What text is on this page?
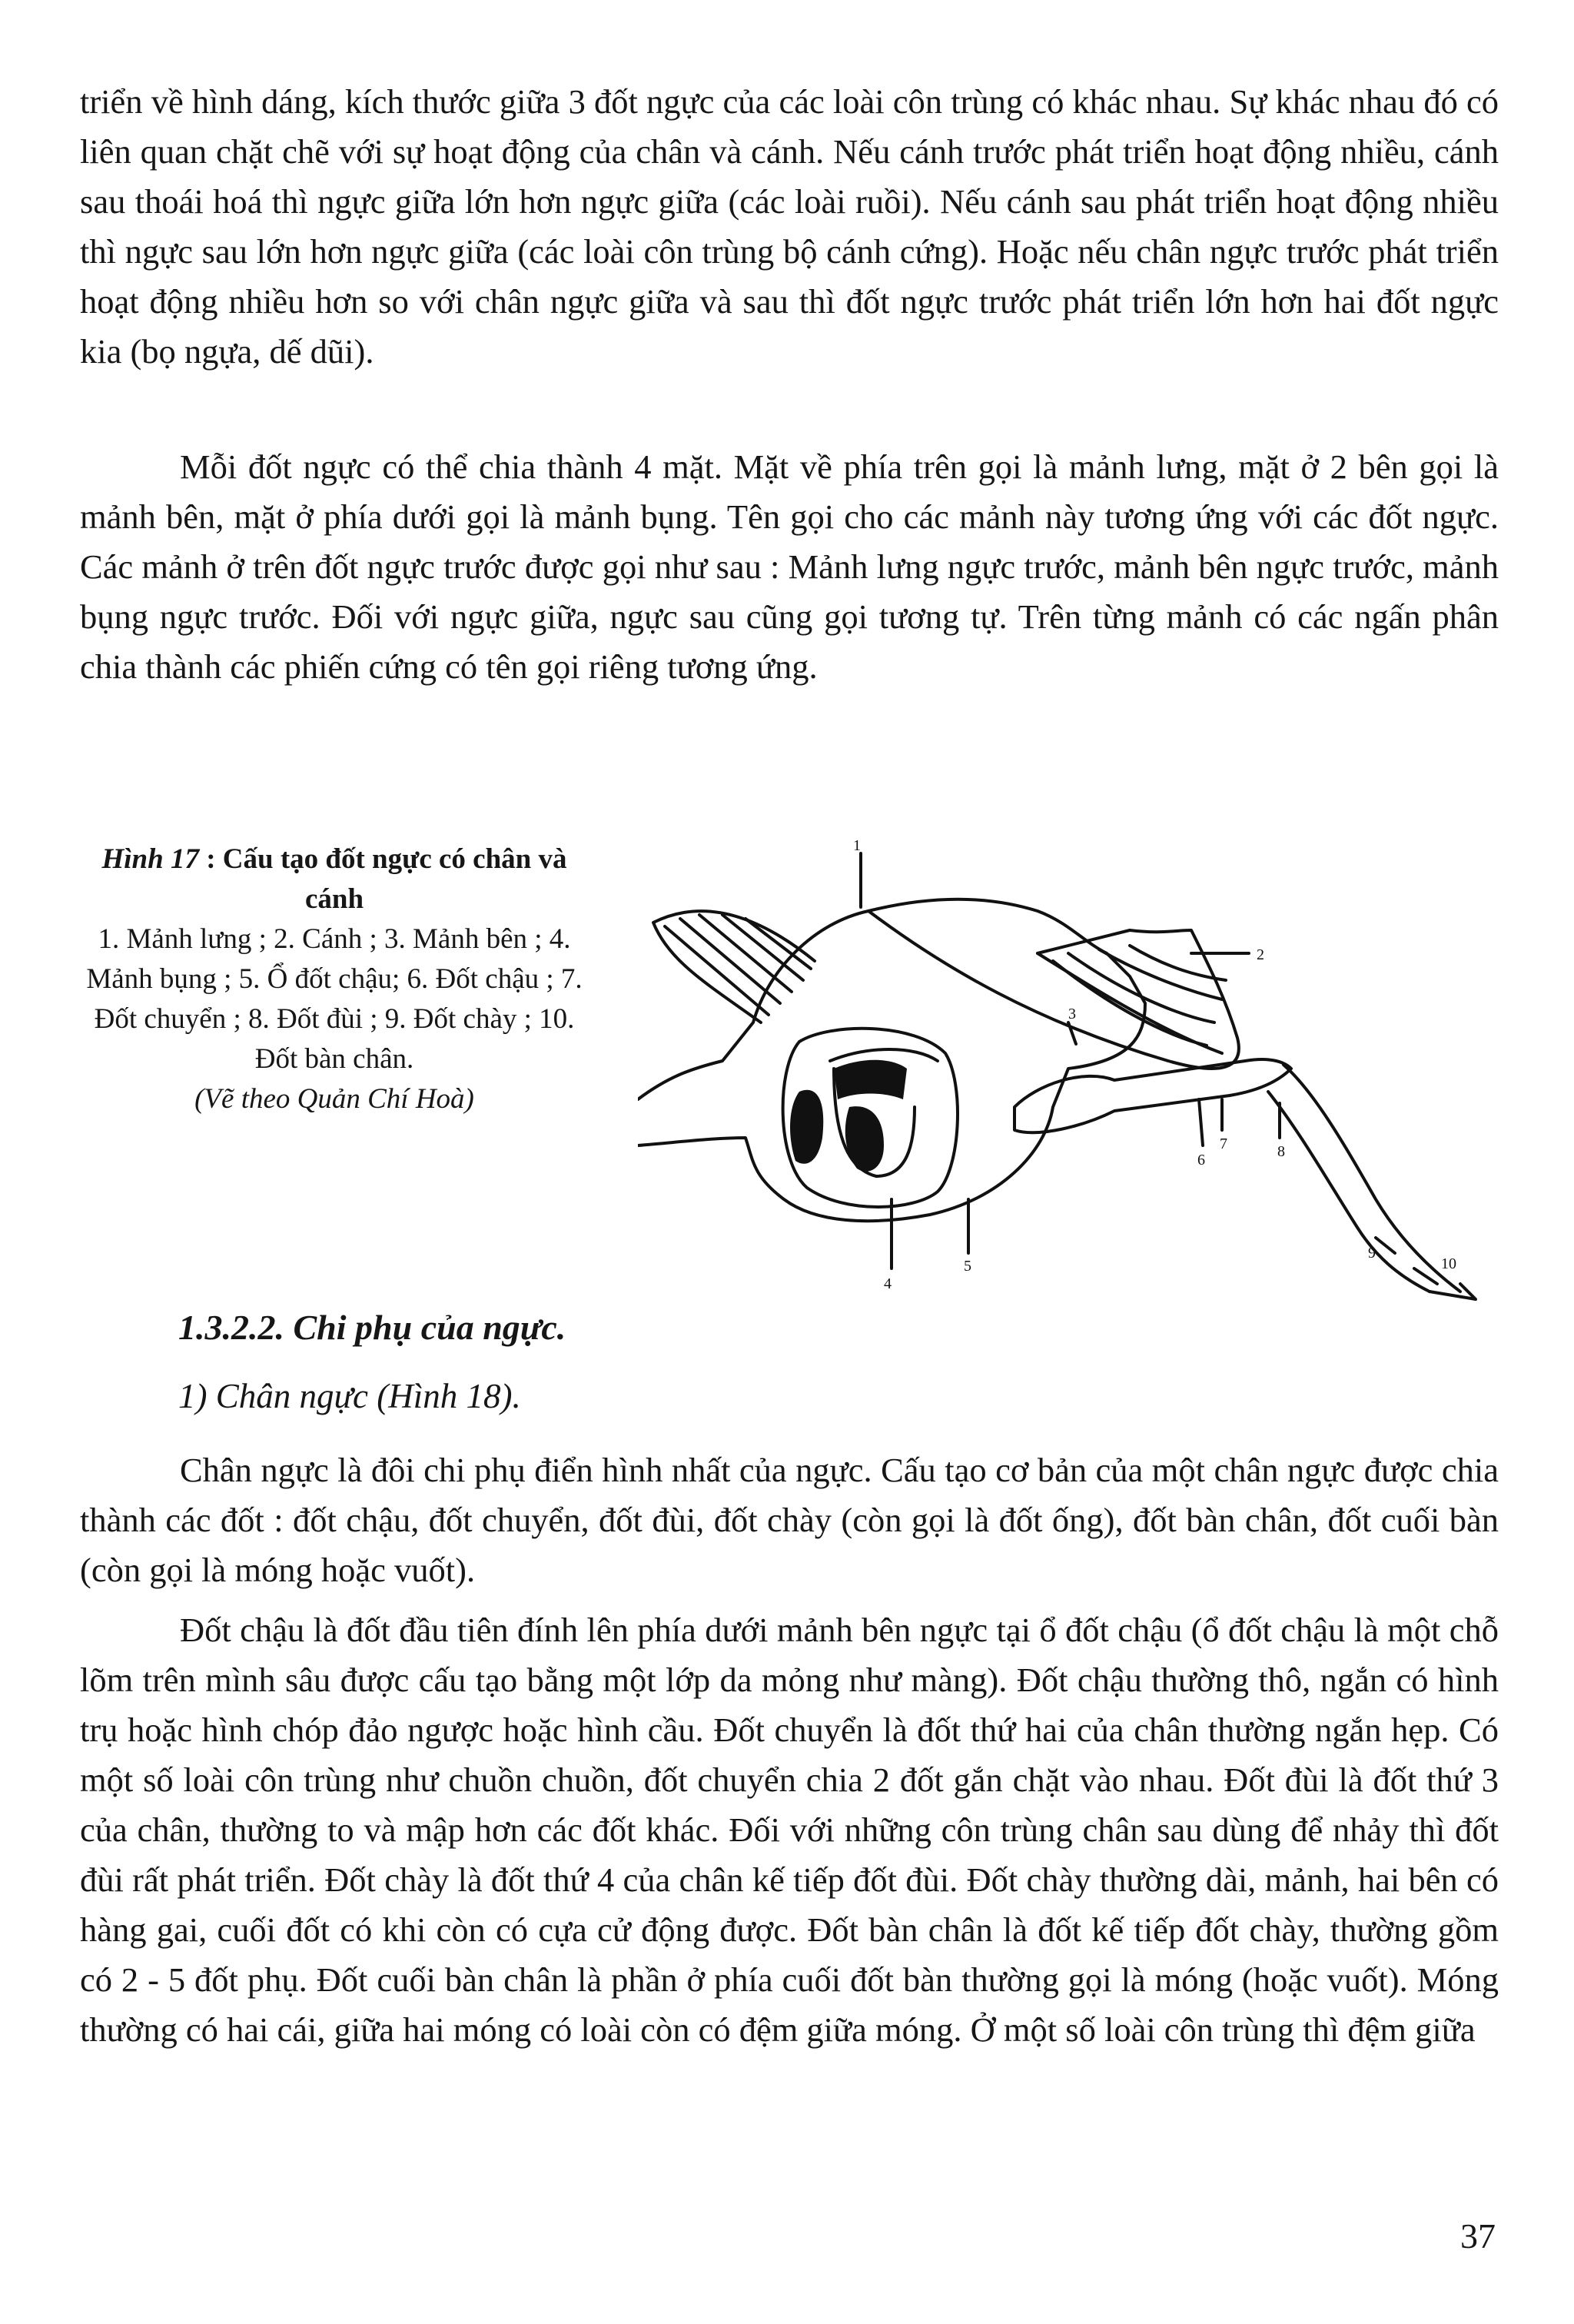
triển về hình dáng, kích thước giữa 3 đốt ngực của các loài côn trùng có khác nhau. Sự khác nhau đó có liên quan chặt chẽ với sự hoạt động của chân và cánh. Nếu cánh trước phát triển hoạt động nhiều, cánh sau thoái hoá thì ngực giữa lớn hơn ngực giữa (các loài ruồi). Nếu cánh sau phát triển hoạt động nhiều thì ngực sau lớn hơn ngực giữa (các loài côn trùng bộ cánh cứng). Hoặc nếu chân ngực trước phát triển hoạt động nhiều hơn so với chân ngực giữa và sau thì đốt ngực trước phát triển lớn hơn hai đốt ngực kia (bọ ngựa, dế dũi).

Mỗi đốt ngực có thể chia thành 4 mặt. Mặt về phía trên gọi là mảnh lưng, mặt ở 2 bên gọi là mảnh bên, mặt ở phía dưới gọi là mảnh bụng. Tên gọi cho các mảnh này tương ứng với các đốt ngực. Các mảnh ở trên đốt ngực trước được gọi như sau : Mảnh lưng ngực trước, mảnh bên ngực trước, mảnh bụng ngực trước. Đối với ngực giữa, ngực sau cũng gọi tương tự. Trên từng mảnh có các ngấn phân chia thành các phiến cứng có tên gọi riêng tương ứng.

Hình 17 : Cấu tạo đốt ngực có chân và cánh
1. Mảnh lưng ; 2. Cánh ; 3. Mảnh bên ; 4. Mảnh bụng ; 5. Ổ đốt chậu; 6. Đốt chậu ; 7. Đốt chuyển ; 8. Đốt đùi ; 9. Đốt chày ; 10. Đốt bàn chân.
(Vẽ theo Quản Chí Hoà)
1
2
3
4
5
6
7	8
9
10
1.3.2.2. Chi phụ của ngực.
1) Chân ngực (Hình 18).

Chân ngực là đôi chi phụ điển hình nhất của ngực. Cấu tạo cơ bản của một chân ngực được chia thành các đốt : đốt chậu, đốt chuyển, đốt đùi, đốt chày (còn gọi là đốt ống), đốt bàn chân, đốt cuối bàn (còn gọi là móng hoặc vuốt).

Đốt chậu là đốt đầu tiên đính lên phía dưới mảnh bên ngực tại ổ đốt chậu (ổ đốt chậu là một chỗ lõm trên mình sâu được cấu tạo bằng một lớp da mỏng như màng). Đốt chậu thường thô, ngắn có hình trụ hoặc hình chóp đảo ngược hoặc hình cầu. Đốt chuyển là đốt thứ hai của chân thường ngắn hẹp. Có một số loài côn trùng như chuồn chuồn, đốt chuyển chia 2 đốt gắn chặt vào nhau. Đốt đùi là đốt thứ 3 của chân, thường to và mập hơn các đốt khác. Đối với những côn trùng chân sau dùng để nhảy thì đốt đùi rất phát triển. Đốt chày là đốt thứ 4 của chân kế tiếp đốt đùi. Đốt chày thường dài, mảnh, hai bên có hàng gai, cuối đốt có khi còn có cựa cử động được. Đốt bàn chân là đốt kế tiếp đốt chày, thường gồm có 2 - 5 đốt phụ. Đốt cuối bàn chân là phần ở phía cuối đốt bàn thường gọi là móng (hoặc vuốt). Móng thường có hai cái, giữa hai móng có loài còn có đệm giữa móng. Ở một số loài côn trùng thì đệm giữa

37
